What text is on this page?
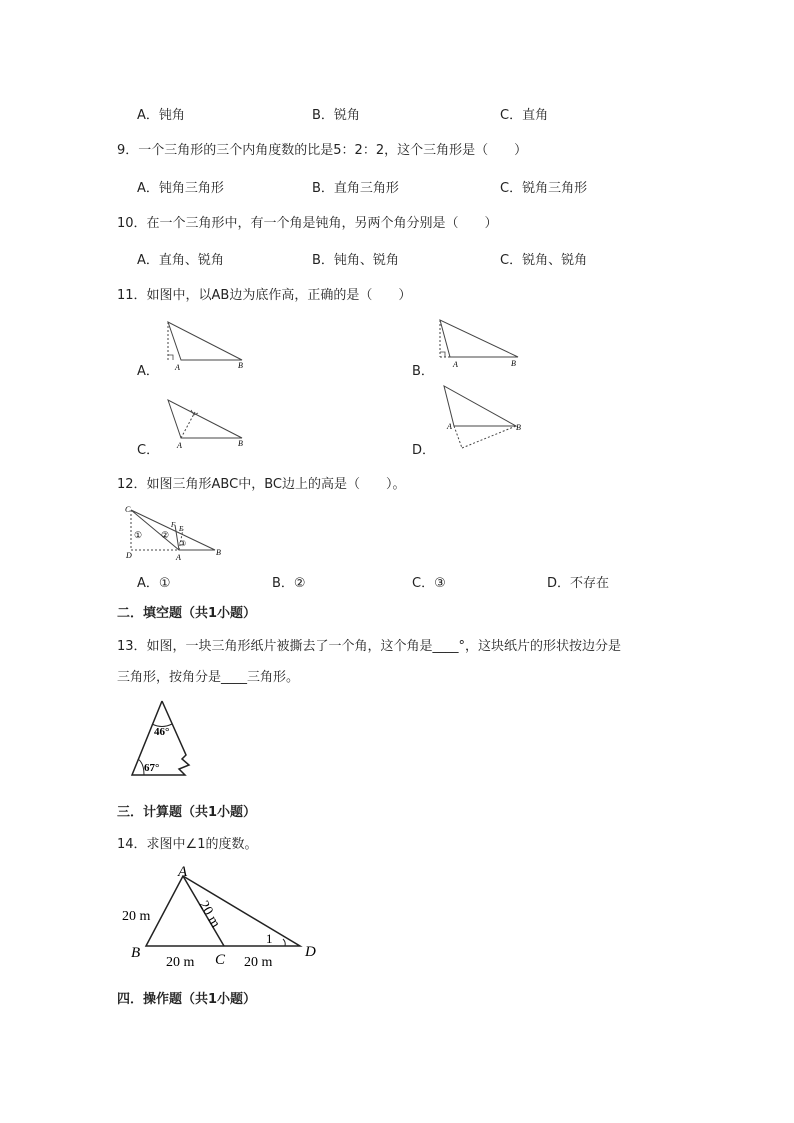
A．钝角	B．锐角	C．直角
9．一个三角形的三个内角度数的比是5：2：2，这个三角形是（　　）
A．钝角三角形	B．直角三角形	C．锐角三角形
10．在一个三角形中，有一个角是钝角，另两个角分别是（　　）
A．直角、锐角	B．钝角、锐角	C．锐角、锐角
11．如图中，以AB边为底作高，正确的是（　　）
A．	B．
C．	D．
A	B	A	B
A	B
A	B
12．如图三角形ABC中，BC边上的高是（　　）。
C
D	A
B
F E
① ②
③
A．①	B．②	C．③	D．不存在
二．填空题（共1小题）
13．如图，一块三角形纸片被撕去了一个角，这个角是____°，这块纸片的形状按边分是
三角形，按角分是____三角形。
46°
67°
三．计算题（共1小题）
14．求图中∠1的度数。
A
B	C	D
20 m	20 m
20 m	20 m
1
四．操作题（共1小题）
